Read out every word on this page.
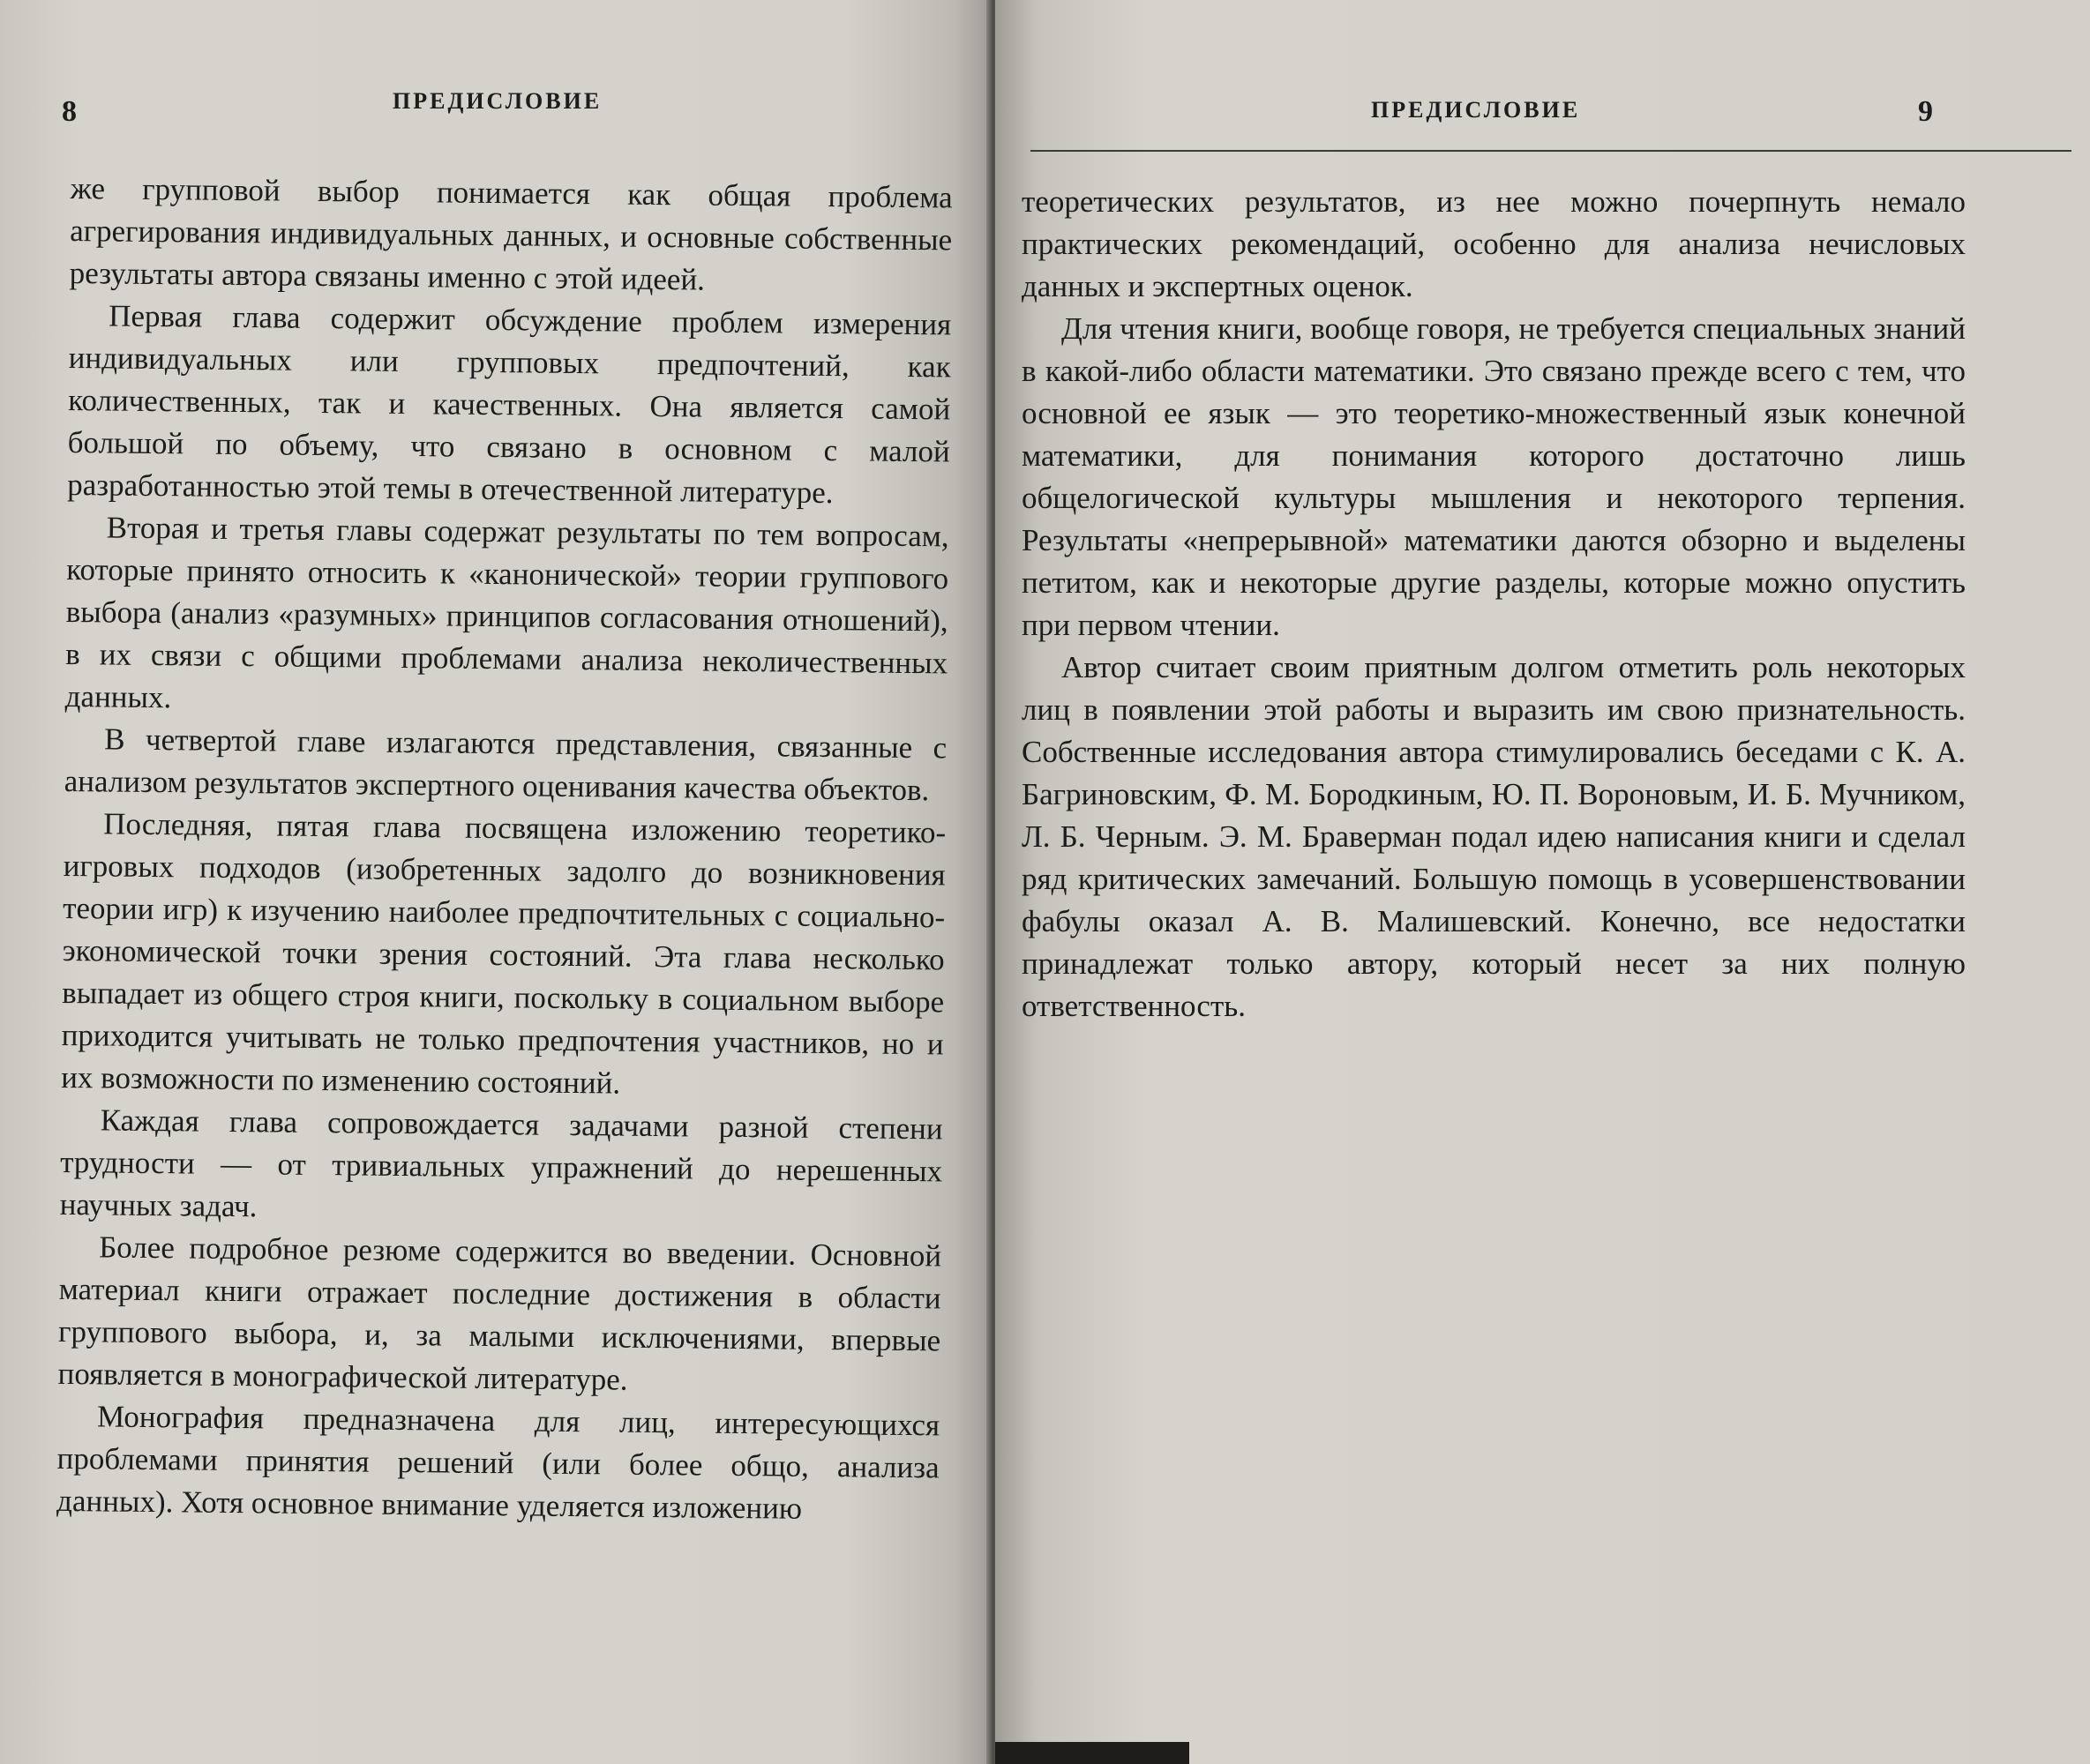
8	ПРЕДИСЛОВИЕ

же групповой выбор понимается как общая проблема агрегирования индивидуальных данных, и основные собственные результаты автора связаны именно с этой идеей.

Первая глава содержит обсуждение проблем измерения индивидуальных или групповых предпочтений, как количественных, так и качественных. Она является самой большой по объему, что связано в основном с малой разработанностью этой темы в отечественной литературе.

Вторая и третья главы содержат результаты по тем вопросам, которые принято относить к «канонической» теории группового выбора (анализ «разумных» принципов согласования отношений), в их связи с общими проблемами анализа неколичественных данных.

В четвертой главе излагаются представления, связанные с анализом результатов экспертного оценивания качества объектов.

Последняя, пятая глава посвящена изложению теоретико-игровых подходов (изобретенных задолго до возникновения теории игр) к изучению наиболее предпочтительных с социально-экономической точки зрения состояний. Эта глава несколько выпадает из общего строя книги, поскольку в социальном выборе приходится учитывать не только предпочтения участников, но и их возможности по изменению состояний.

Каждая глава сопровождается задачами разной степени трудности — от тривиальных упражнений до нерешенных научных задач.

Более подробное резюме содержится во введении. Основной материал книги отражает последние достижения в области группового выбора, и, за малыми исключениями, впервые появляется в монографической литературе.

Монография предназначена для лиц, интересующихся проблемами принятия решений (или более общо, анализа данных). Хотя основное внимание уделяется изложению

ПРЕДИСЛОВИЕ	9

теоретических результатов, из нее можно почерпнуть немало практических рекомендаций, особенно для анализа нечисловых данных и экспертных оценок.

Для чтения книги, вообще говоря, не требуется специальных знаний в какой-либо области математики. Это связано прежде всего с тем, что основной ее язык — это теоретико-множественный язык конечной математики, для понимания которого достаточно лишь общелогической культуры мышления и некоторого терпения. Результаты «непрерывной» математики даются обзорно и выделены петитом, как и некоторые другие разделы, которые можно опустить при первом чтении.

Автор считает своим приятным долгом отметить роль некоторых лиц в появлении этой работы и выразить им свою признательность. Собственные исследования автора стимулировались беседами с К. А. Багриновским, Ф. М. Бородкиным, Ю. П. Вороновым, И. Б. Мучником, Л. Б. Черным. Э. М. Браверман подал идею написания книги и сделал ряд критических замечаний. Большую помощь в усовершенствовании фабулы оказал А. В. Малишевский. Конечно, все недостатки принадлежат только автору, который несет за них полную ответственность.
